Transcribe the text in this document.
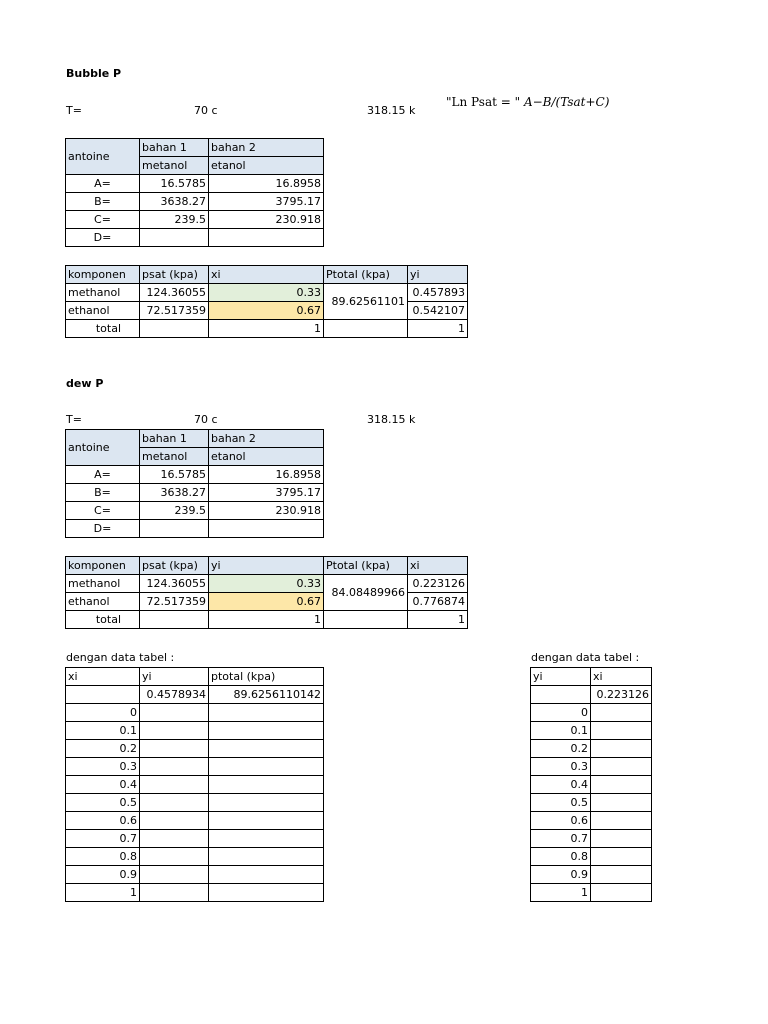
Bubble P
T=	70 c	318.15 k
"Ln Psat = " A−B/(Tsat+C)
antoine	bahan 1	bahan 2
	metanol	etanol
A=	16.5785	16.8958
B=	3638.27	3795.17
C=	239.5	230.918
D=		
komponen	psat (kpa)	xi	Ptotal (kpa)	yi
methanol	124.36055	0.33	89.62561101	0.457893
ethanol	72.517359	0.67		0.542107
total		1		1
dew P
T=	70 c	318.15 k
antoine	bahan 1	bahan 2
	metanol	etanol
A=	16.5785	16.8958
B=	3638.27	3795.17
C=	239.5	230.918
D=		
komponen	psat (kpa)	yi	Ptotal (kpa)	xi
methanol	124.36055	0.33	84.08489966	0.223126
ethanol	72.517359	0.67		0.776874
total		1		1
dengan data tabel :
xi	yi	ptotal (kpa)
	0.4578934	89.6256110142
0		
0.1		
0.2		
0.3		
0.4		
0.5		
0.6		
0.7		
0.8		
0.9		
1		
dengan data tabel :
yi	xi
	0.223126
0	
0.1	
0.2	
0.3	
0.4	
0.5	
0.6	
0.7	
0.8	
0.9	
1	
